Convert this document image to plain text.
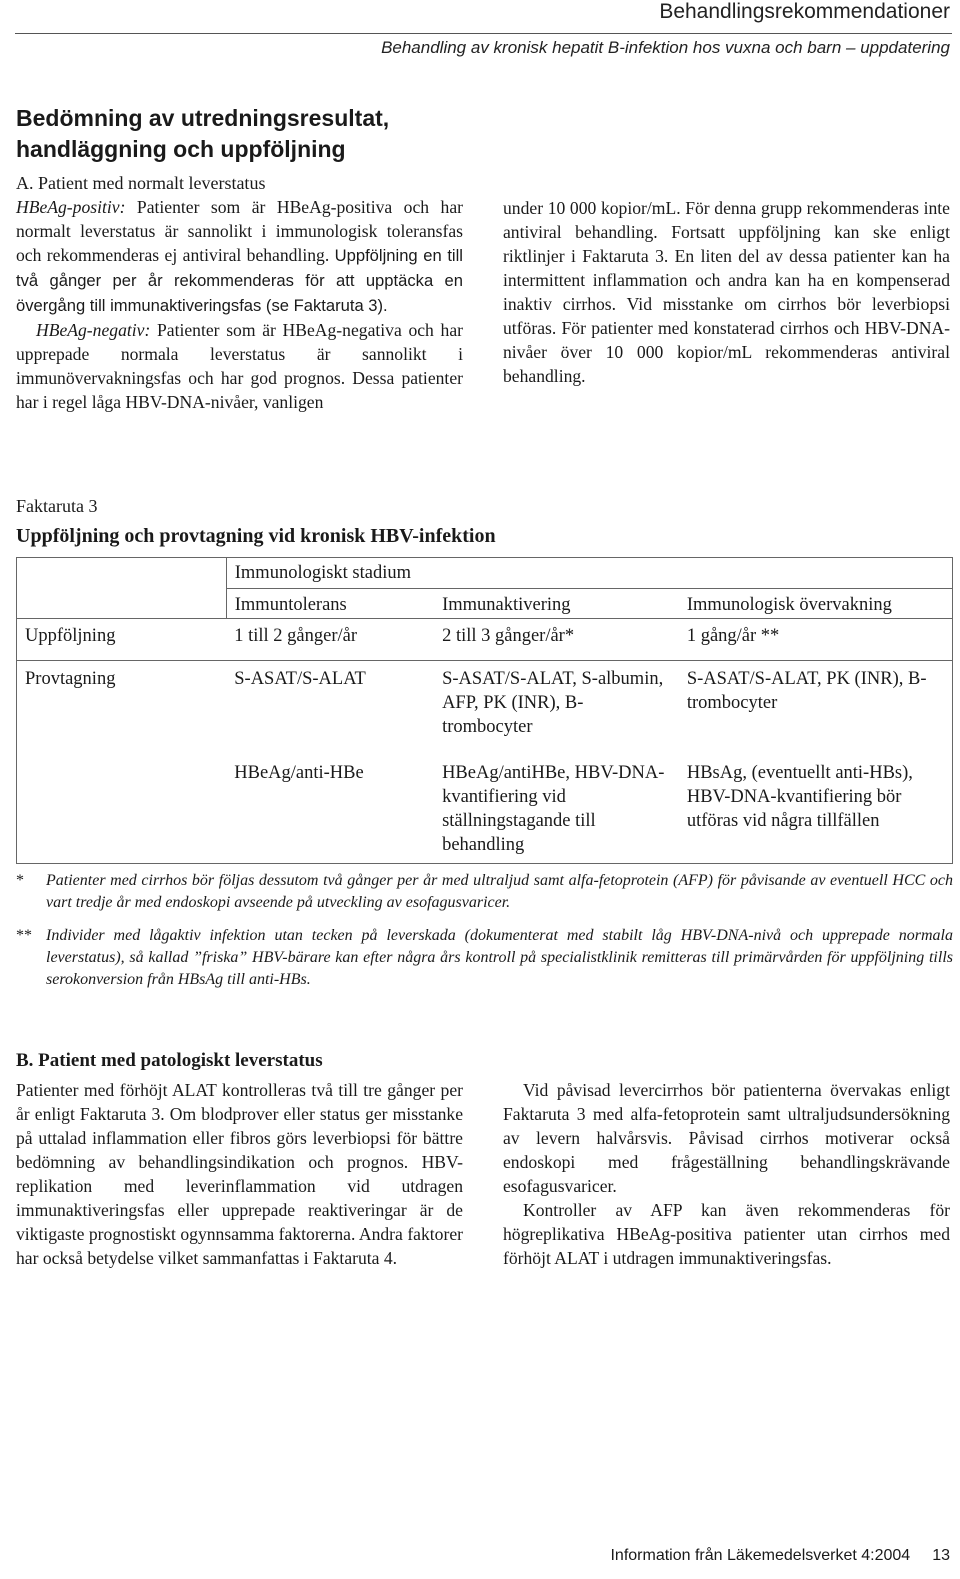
Behandlingsrekommendationer
Behandling av kronisk hepatit B-infektion hos vuxna och barn – uppdatering
Bedömning av utredningsresultat, handläggning och uppföljning
A. Patient med normalt leverstatus

HBeAg-positiv: Patienter som är HBeAg-positiva och har normalt leverstatus är sannolikt i immunologisk toleransfas och rekommenderas ej antiviral behandling. Uppföljning en till två gånger per år rekommenderas för att upptäcka en övergång till immunaktiveringsfas (se Faktaruta 3).

HBeAg-negativ: Patienter som är HBeAg-negativa och har upprepade normala leverstatus är sannolikt i immunövervakningsfas och har god prognos. Dessa patienter har i regel låga HBV-DNA-nivåer, vanligen

under 10 000 kopior/mL. För denna grupp rekommenderas inte antiviral behandling. Fortsatt uppföljning kan ske enligt riktlinjer i Faktaruta 3. En liten del av dessa patienter kan ha intermittent inflammation och andra kan ha en kompenserad inaktiv cirrhos. Vid misstanke om cirrhos bör leverbiopsi utföras. För patienter med konstaterad cirrhos och HBV-DNA-nivåer över 10 000 kopior/mL rekommenderas antiviral behandling.

Faktaruta 3
Uppföljning och provtagning vid kronisk HBV-infektion
	Immunologiskt stadium		
	Immuntolerans	Immunaktivering	Immunologisk övervakning
Uppföljning	1 till 2 gånger/år	2 till 3 gånger/år*	1 gång/år **
Provtagning	S-ASAT/S-ALAT	S-ASAT/S-ALAT, S-albumin, AFP, PK (INR), B-trombocyter	S-ASAT/S-ALAT, PK (INR), B-trombocyter
	HBeAg/anti-HBe	HBeAg/antiHBe, HBV-DNA-kvantifiering vid ställningstagande till behandling	HBsAg, (eventuellt anti-HBs), HBV-DNA-kvantifiering bör utföras vid några tillfällen
* Patienter med cirrhos bör följas dessutom två gånger per år med ultraljud samt alfa-fetoprotein (AFP) för påvisande av eventuell HCC och vart tredje år med endoskopi avseende på utveckling av esofagusvaricer.
** Individer med lågaktiv infektion utan tecken på leverskada (dokumenterat med stabilt låg HBV-DNA-nivå och upprepade normala leverstatus), så kallad ”friska” HBV-bärare kan efter några års kontroll på specialistklinik remitteras till primärvården för uppföljning tills serokonversion från HBsAg till anti-HBs.
B. Patient med patologiskt leverstatus

Patienter med förhöjt ALAT kontrolleras två till tre gånger per år enligt Faktaruta 3. Om blodprover eller status ger misstanke på uttalad inflammation eller fibros görs leverbiopsi för bättre bedömning av behandlingsindikation och prognos. HBV-replikation med leverinflammation vid utdragen immunaktiveringsfas eller upprepade reaktiveringar är de viktigaste prognostiskt ogynnsamma faktorerna. Andra faktorer har också betydelse vilket sammanfattas i Faktaruta 4.

Vid påvisad levercirrhos bör patienterna övervakas enligt Faktaruta 3 med alfa-fetoprotein samt ultraljudsundersökning av levern halvårsvis. Påvisad cirrhos motiverar också endoskopi med frågeställning behandlingskrävande esofagusvaricer.

Kontroller av AFP kan även rekommenderas för högreplikativa HBeAg-positiva patienter utan cirrhos med förhöjt ALAT i utdragen immunaktiveringsfas.

Information från Läkemedelsverket 4:2004 13
